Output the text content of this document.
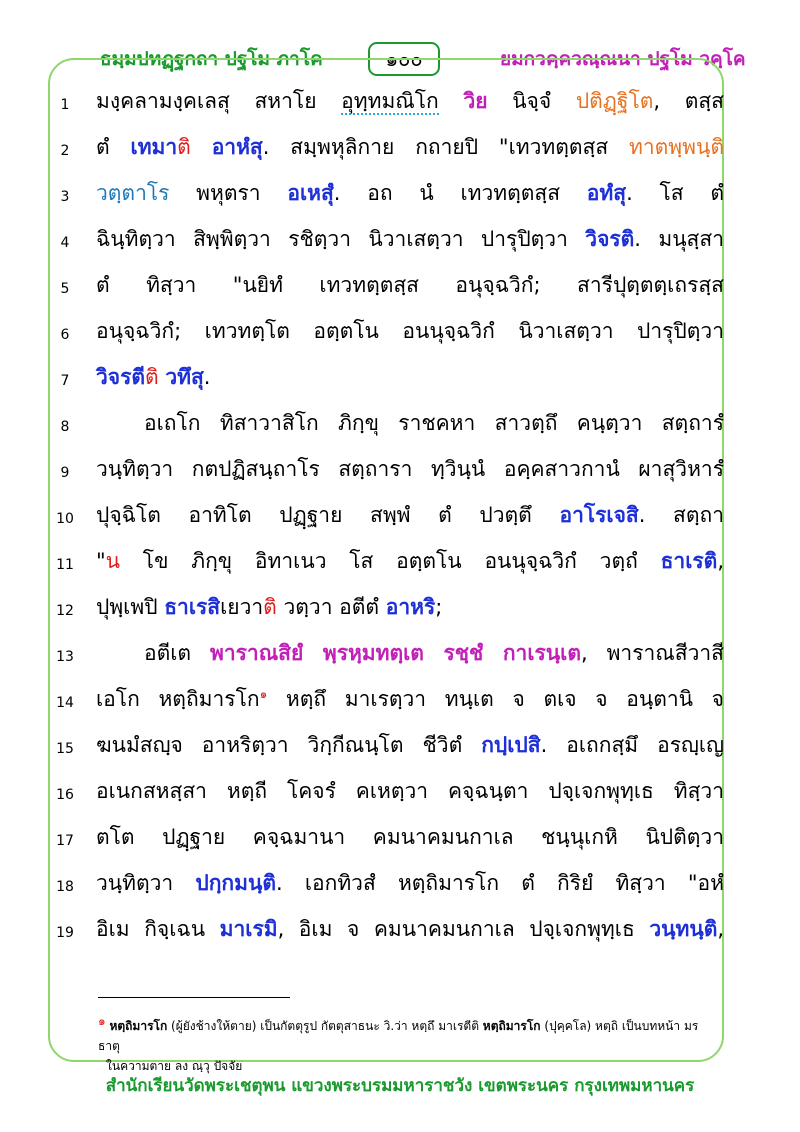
ธมฺมปทฏฺฐกถา ปฐโม ภาโค	๑๐๐	ยมกวคฺควณฺณนา ปฐโม วคฺโค
1	มงฺคลามงฺคเลสุ สหาโย อุทฺทมณิโก วิย นิจฺจํ ปติฏฺฐิโต, ตสฺส
2	ตํ เทมาติ อาหํสุ. สมฺพหุลิกาย กถายปิ "เทวทตฺตสฺส ทาตพฺพนฺติ
3	วตฺตาโร พหุตรา อเหสุํ. อถ นํ เทวทตฺตสฺส อทํสุ. โส ตํ
4	ฉินฺทิตฺวา สิพฺพิตฺวา รชิตฺวา นิวาเสตฺวา ปารุปิตฺวา วิจรติ. มนุสฺสา
5	ตํ ทิสฺวา "นยิทํ เทวทตฺตสฺส อนุจฺฉวิกํ; สารีปุตฺตตฺเถรสฺส
6	อนุจฺฉวิกํ; เทวทตฺโต อตฺตโน อนนุจฺฉวิกํ นิวาเสตฺวา ปารุปิตฺวา
7	วิจรตีติ วทึสุ.
8	อเถโก ทิสาวาสิโก ภิกฺขุ ราชคหา สาวตฺถึ คนฺตฺวา สตฺถารํ
9	วนฺทิตฺวา กตปฏิสนฺถาโร สตฺถารา ทฺวินฺนํ อคฺคสาวกานํ ผาสุวิหารํ
10 ปุจฺฉิโต อาทิโต ปฏฺฐาย สพฺพํ ตํ ปวตฺตึ อาโรเจสิ. สตฺถา
11 "น โข ภิกฺขุ อิทาเนว โส อตฺตโน อนนุจฺฉวิกํ วตฺถํ ธาเรติ,
12 ปุพฺเพปิ ธาเรสิเยวาติ วตฺวา อตีตํ อาหริ;
13	อตีเต พาราณสิยํ พฺรหฺมทตฺเต รชฺชํ กาเรนฺเต, พาราณสีวาสี
14 เอโก หตฺถิมารโก$^๑$ หตฺถึ มาเรตฺวา ทนฺเต จ ตเจ จ อนฺตานิ จ
15 ฆนมํสญฺจ อาหริตฺวา วิกฺกีณนฺโต ชีวิตํ กปฺเปสิ. อเถกสฺมึ อรญฺเญ
16 อเนกสหสฺสา หตฺถี โคจรํ คเหตฺวา คจฺฉนฺตา ปจฺเจกพุทฺเธ ทิสฺวา
17 ตโต ปฏฺฐาย คจฺฉมานา คมนาคมนกาเล ชนฺนุเกหิ นิปติตฺวา
18 วนฺทิตฺวา ปกฺกมนฺติ. เอกทิวสํ หตฺถิมารโก ตํ กิริยํ ทิสฺวา "อหํ
19 อิเม กิจฺเฉน มาเรมิ, อิเม จ คมนาคมนกาเล ปจฺเจกพุทฺเธ วนฺทนฺติ,
๑ หตฺถิมารโก (ผู้ยังช้างให้ตาย) เป็นกัตตุรูป กัตตุสาธนะ วิ.ว่า หตฺถึ มาเรตีติ หตฺถิมารโก (ปุคฺคโล) หตฺถิ เป็นบทหน้า มร ธาตุ
ในความตาย ลง ณฺวุ ปัจจัย
สำนักเรียนวัดพระเชตุพน แขวงพระบรมมหาราชวัง เขตพระนคร กรุงเทพมหานคร
